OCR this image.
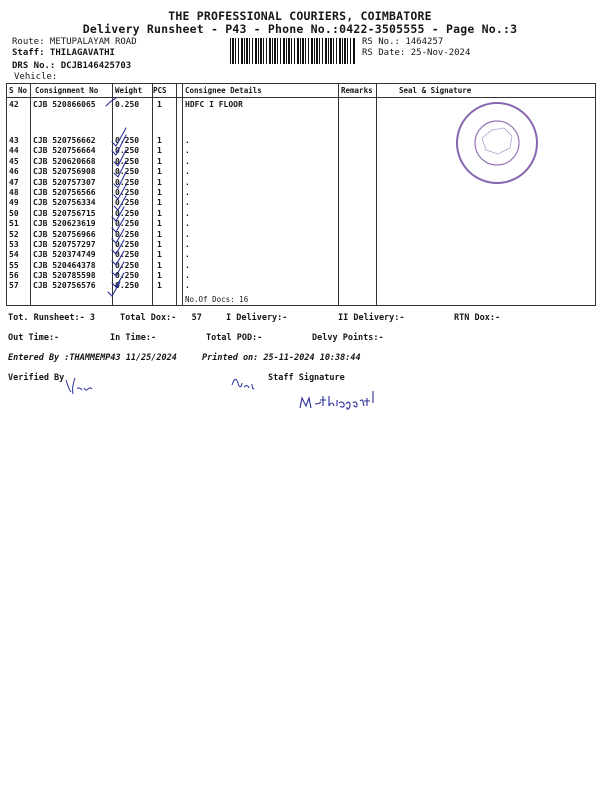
THE PROFESSIONAL COURIERS, COIMBATORE
Delivery Runsheet - P43 - Phone No.:0422-3505555 - Page No.:3
Route: METUPALAYAM ROAD
Staff: THILAGAVATHI
DRS No.: DCJB146425703
Vehicle:
RS No.: 1464257
RS Date: 25-Nov-2024
S No Consignment No Weight PCS Consignee Details	Remarks	Seal & Signature
42 CJB 520866065 0.250 1	HDFC I FLOOR
43 CJB 520756662 0.250 1	.
44 CJB 520756664 0.250 1	.
45 CJB 520620668 0.250 1	.
46 CJB 520756908 0.250 1	.
47 CJB 520757307 0.250 1	.
48 CJB 520756566 0.250 1	.
49 CJB 520756334 0.250 1	.
50 CJB 520756715 0.250 1	.
51 CJB 520623619 0.250 1	.
52 CJB 520756966 0.250 1	.
53 CJB 520757297 0.250 1	.
54 CJB 520374749 0.250 1	.
55 CJB 520464378 0.250 1	.
56 CJB 520785598 0.250 1	.
57 CJB 520756576 0.250 1	.
No.Of Docs: 16
Tot. Runsheet:- 3	Total Dox:-   57	I Delivery:-	II Delivery:-	RTN Dox:-
Out Time:-	In Time:-	Total POD:-	Delvy Points:-
Entered By :THAMMEMP43 11/25/2024	Printed on: 25-11-2024 10:38:44
Verified By	Staff Signature
